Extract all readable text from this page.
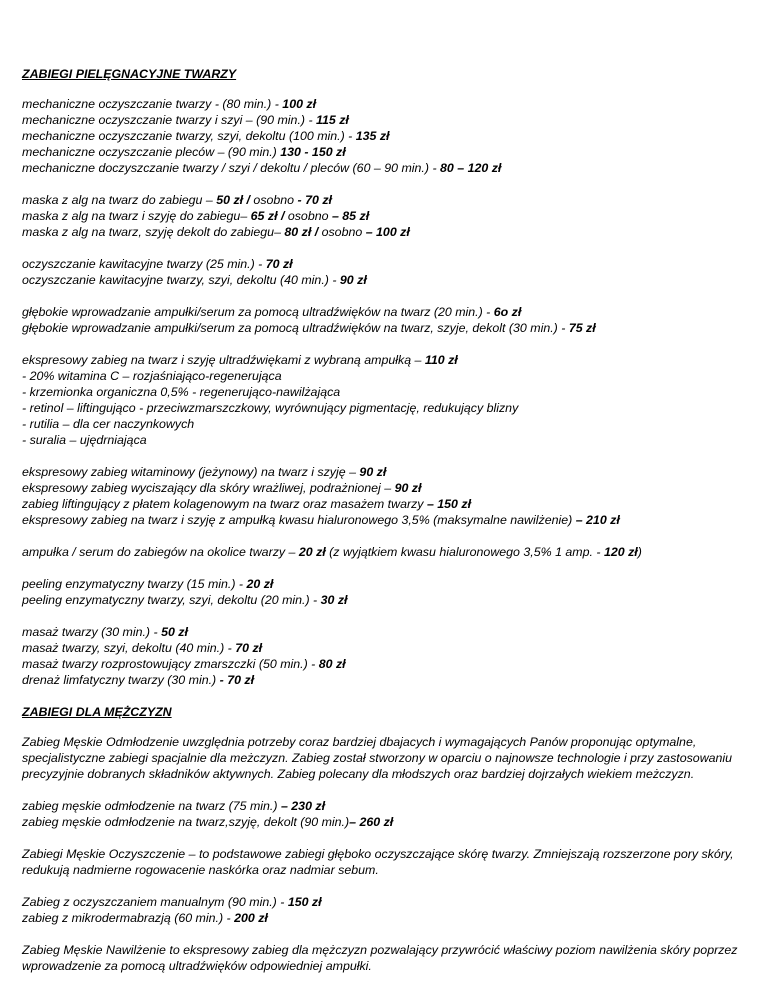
ZABIEGI PIELĘGNACYJNE TWARZY
mechaniczne oczyszczanie twarzy - (80 min.) - 100 zł
mechaniczne oczyszczanie twarzy i szyi – (90 min.) - 115 zł
mechaniczne oczyszczanie twarzy, szyi, dekoltu (100 min.) - 135 zł
mechaniczne oczyszczanie pleców – (90 min.) 130 - 150 zł
mechaniczne doczyszczanie twarzy / szyi / dekoltu / pleców (60 – 90 min.) - 80 – 120 zł
maska z alg na twarz do zabiegu – 50 zł / osobno - 70 zł
maska z alg na twarz i szyję do zabiegu– 65 zł / osobno – 85 zł
maska z alg na twarz, szyję dekolt do zabiegu– 80 zł / osobno – 100 zł
oczyszczanie kawitacyjne twarzy (25 min.) - 70 zł
oczyszczanie kawitacyjne twarzy, szyi, dekoltu (40 min.) - 90 zł
głębokie wprowadzanie ampułki/serum za pomocą ultradźwięków na twarz (20 min.) - 6o zł
głębokie wprowadzanie ampułki/serum za pomocą ultradźwięków na twarz, szyje, dekolt (30 min.) - 75 zł
ekspresowy zabieg na twarz i szyję ultradźwiękami z wybraną ampułką – 110 zł
- 20% witamina C – rozjaśniająco-regenerująca
- krzemionka organiczna 0,5% - regenerująco-nawilżająca
- retinol – liftingująco - przeciwzmarszczkowy, wyrównujący pigmentację, redukujący blizny
- rutilia – dla cer naczynkowych
- suralia – ujędrniająca
ekspresowy zabieg witaminowy (jeżynowy) na twarz i szyję – 90 zł
ekspresowy zabieg wyciszający dla skóry wrażliwej, podrażnionej – 90 zł
zabieg liftingujący z płatem kolagenowym na twarz oraz masażem twarzy – 150 zł
ekspresowy zabieg na twarz i szyję z ampułką kwasu hialuronowego 3,5% (maksymalne nawilżenie) – 210 zł
ampułka / serum do zabiegów na okolice twarzy – 20 zł (z wyjątkiem kwasu hialuronowego 3,5% 1 amp. - 120 zł)
peeling enzymatyczny twarzy (15 min.) - 20 zł
peeling enzymatyczny twarzy, szyi, dekoltu (20 min.) - 30 zł
masaż twarzy (30 min.) - 50 zł
masaż twarzy, szyi, dekoltu (40 min.) - 70 zł
masaż twarzy rozprostowujący zmarszczki (50 min.) - 80 zł
drenaż limfatyczny twarzy (30 min.) - 70 zł
ZABIEGI DLA MĘŻCZYZN
Zabieg Męskie Odmłodzenie uwzględnia potrzeby coraz bardziej dbajacych i wymagających Panów proponując optymalne, specjalistyczne zabiegi spacjalnie dla meżczyzn. Zabieg został stworzony w oparciu o najnowsze technologie i przy zastosowaniu precyzyjnie dobranych składników aktywnych. Zabieg polecany dla młodszych oraz bardziej dojrzałych wiekiem meżczyzn.
zabieg męskie odmłodzenie na twarz (75 min.) – 230 zł
zabieg męskie odmłodzenie na twarz,szyję, dekolt (90 min.)– 260 zł
Zabiegi Męskie Oczyszczenie – to podstawowe zabiegi głęboko oczyszczające skórę twarzy. Zmniejszają rozszerzone pory skóry, redukują nadmierne rogowacenie naskórka oraz nadmiar sebum.
Zabieg z oczyszczaniem manualnym (90 min.) - 150 zł
zabieg z mikrodermabrazją (60 min.) - 200 zł
Zabieg Męskie Nawilżenie to ekspresowy zabieg dla mężczyzn pozwalający przywrócić właściwy poziom nawilżenia skóry poprzez wprowadzenie za pomocą ultradźwięków odpowiedniej ampułki.
